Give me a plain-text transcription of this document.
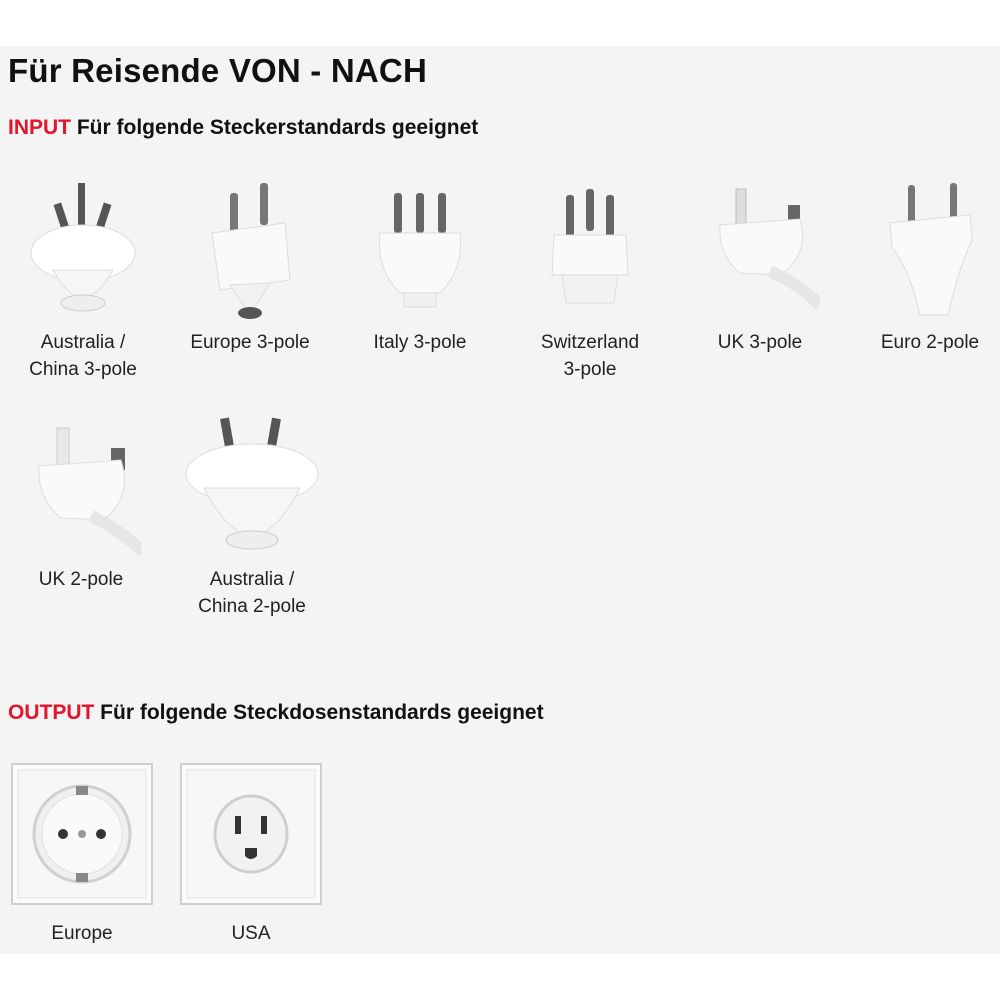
Für Reisende VON - NACH
INPUT Für folgende Steckerstandards geeignet
Australia /
China 3-pole
Europe 3-pole	Italy 3-pole	Switzerland
3-pole
UK 3-pole	Euro 2-pole
UK 2-pole	Australia /
China 2-pole
OUTPUT Für folgende Steckdosenstandards geeignet
Europe	USA
